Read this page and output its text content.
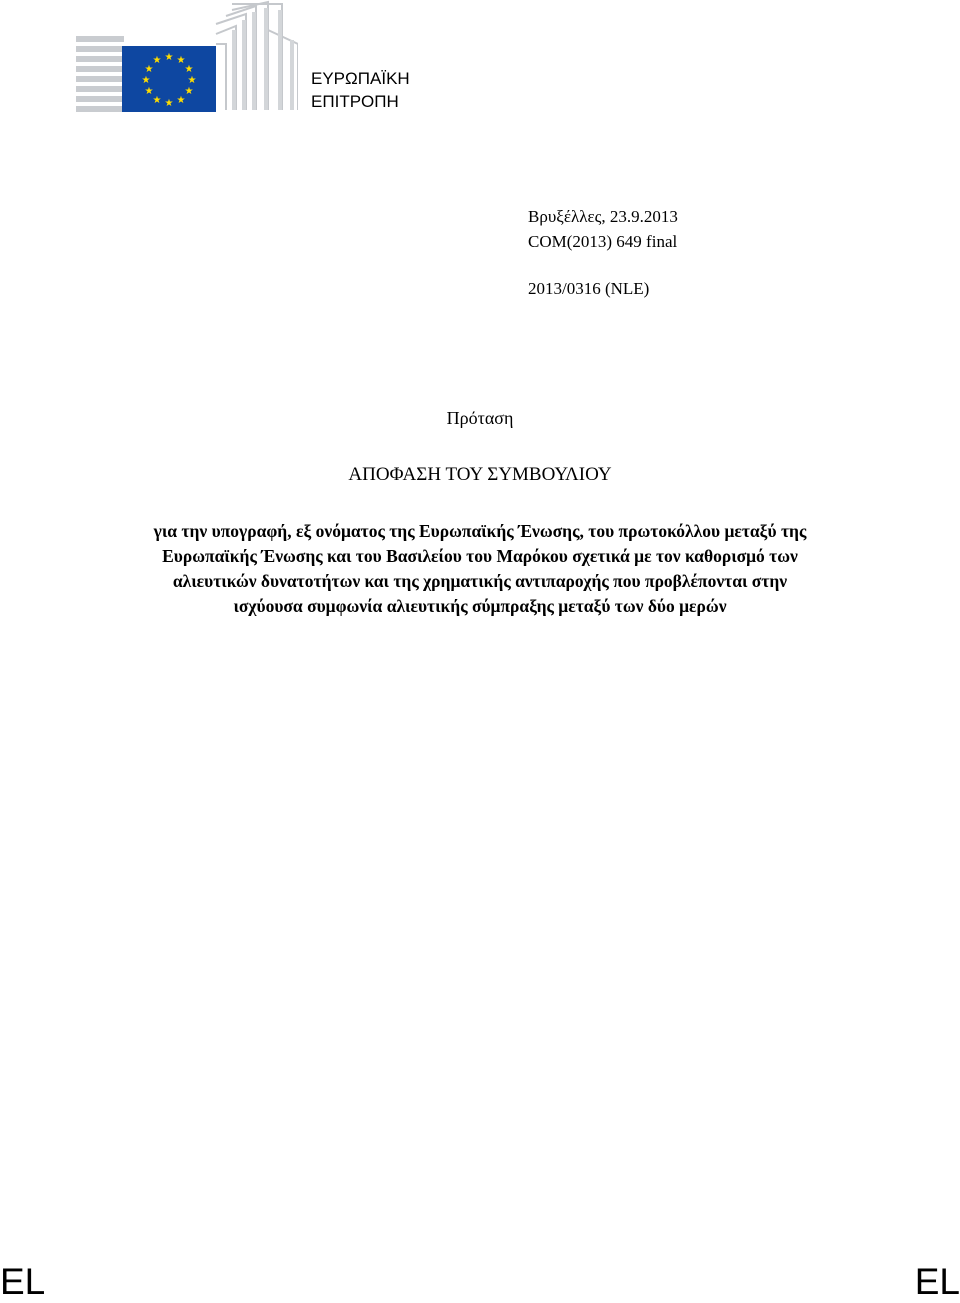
★ ★
★
★
★
★
★
★
★
★
★
★
ΕΥΡΩΠΑΪΚΗ
ΕΠΙΤΡΟΠΗ
Βρυξέλλες, 23.9.2013
COM(2013) 649 final
2013/0316 (NLE)
Πρόταση
ΑΠΟΦΑΣΗ ΤΟΥ ΣΥΜΒΟΥΛΙΟΥ
για την υπογραφή, εξ ονόματος της Ευρωπαϊκής Ένωσης, του πρωτοκόλλου μεταξύ της
Ευρωπαϊκής Ένωσης και του Βασιλείου του Μαρόκου σχετικά με τον καθορισμό των
αλιευτικών δυνατοτήτων και της χρηματικής αντιπαροχής που προβλέπονται στην
ισχύουσα συμφωνία αλιευτικής σύμπραξης μεταξύ των δύο μερών
EL	EL
